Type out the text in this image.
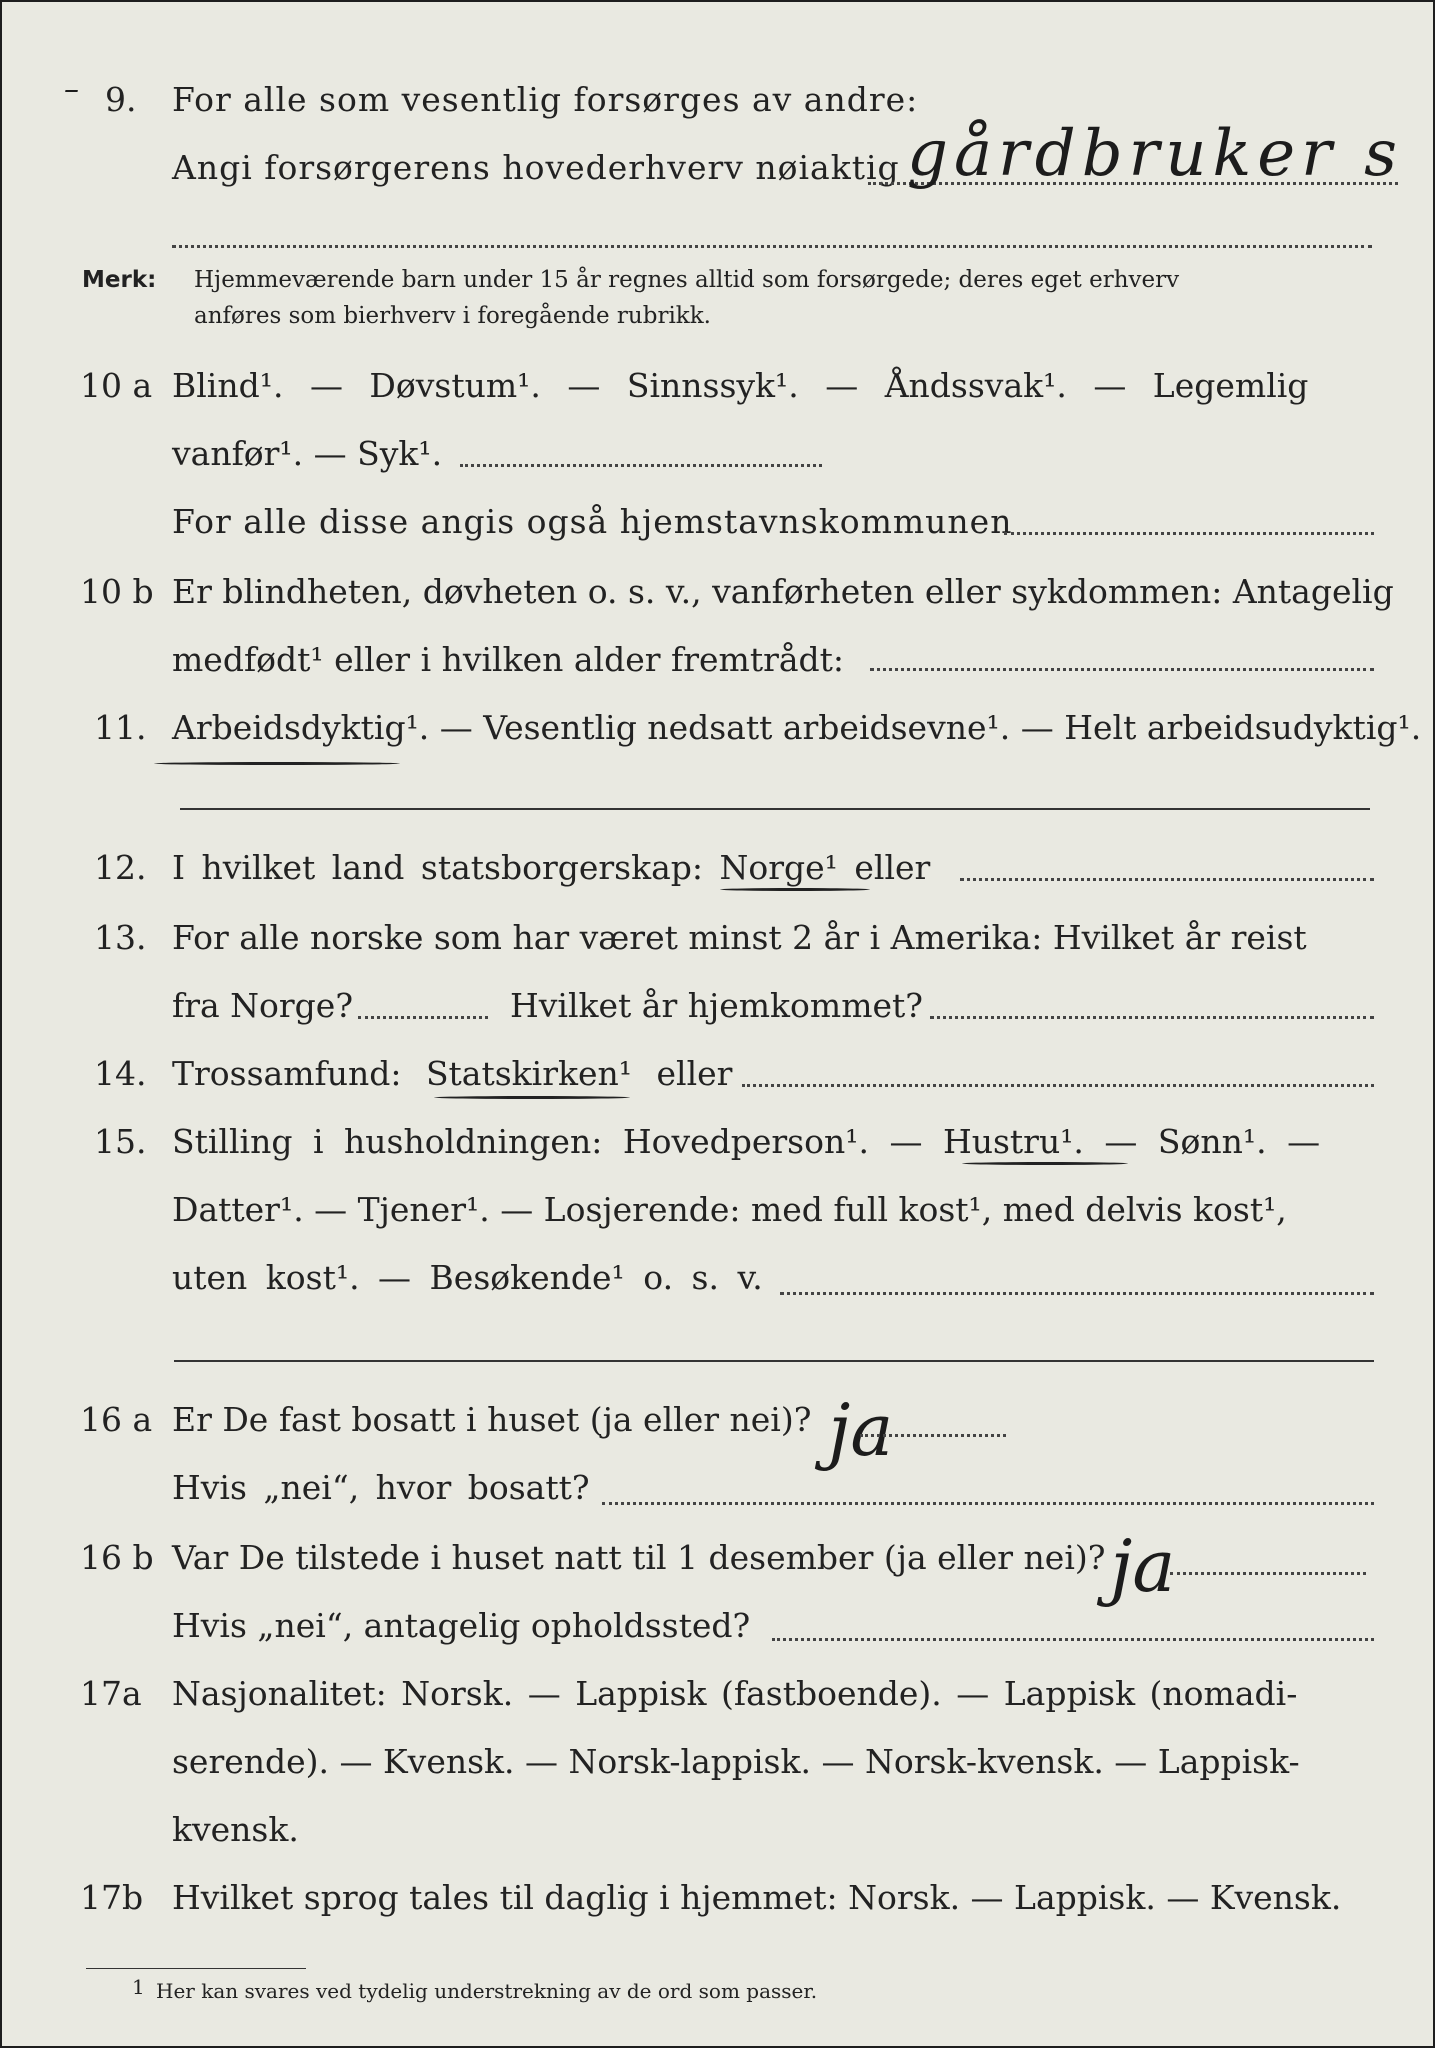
– 9. For alle som vesentlig forsørges av andre:
Angi forsørgerens hovederhverv nøiaktig gårdbruker s
Merk: Hjemmeværende barn under 15 år regnes alltid som forsørgede; deres eget erhverv
anføres som bierhverv i foregående rubrikk.
10 a Blind¹. — Døvstum¹. — Sinnssyk¹. — Åndssvak¹. — Legemlig
vanfør¹. — Syk¹.
For alle disse angis også hjemstavnskommunen
10 b Er blindheten, døvheten o. s. v., vanførheten eller sykdommen: Antagelig
medfødt¹ eller i hvilken alder fremtrådt:
11. Arbeidsdyktig¹. — Vesentlig nedsatt arbeidsevne¹. — Helt arbeidsudyktig¹.
12. I hvilket land statsborgerskap: Norge¹ eller
13. For alle norske som har været minst 2 år i Amerika: Hvilket år reist
fra Norge?	Hvilket år hjemkommet?
14. Trossamfund: Statskirken¹ eller
15. Stilling i husholdningen: Hovedperson¹. — Hustru¹. — Sønn¹. —
Datter¹. — Tjener¹. — Losjerende: med full kost¹, med delvis kost¹,
uten kost¹. — Besøkende¹ o. s. v.
16 a Er De fast bosatt i huset (ja eller nei)? ja
Hvis „nei“, hvor bosatt?
16 b Var De tilstede i huset natt til 1 desember (ja eller nei)? ja
Hvis „nei“, antagelig opholdssted?
17a Nasjonalitet: Norsk. — Lappisk (fastboende). — Lappisk (nomadi-
serende). — Kvensk. — Norsk-lappisk. — Norsk-kvensk. — Lappisk-
kvensk.
17b Hvilket sprog tales til daglig i hjemmet: Norsk. — Lappisk. — Kvensk.
1 Her kan svares ved tydelig understrekning av de ord som passer.
